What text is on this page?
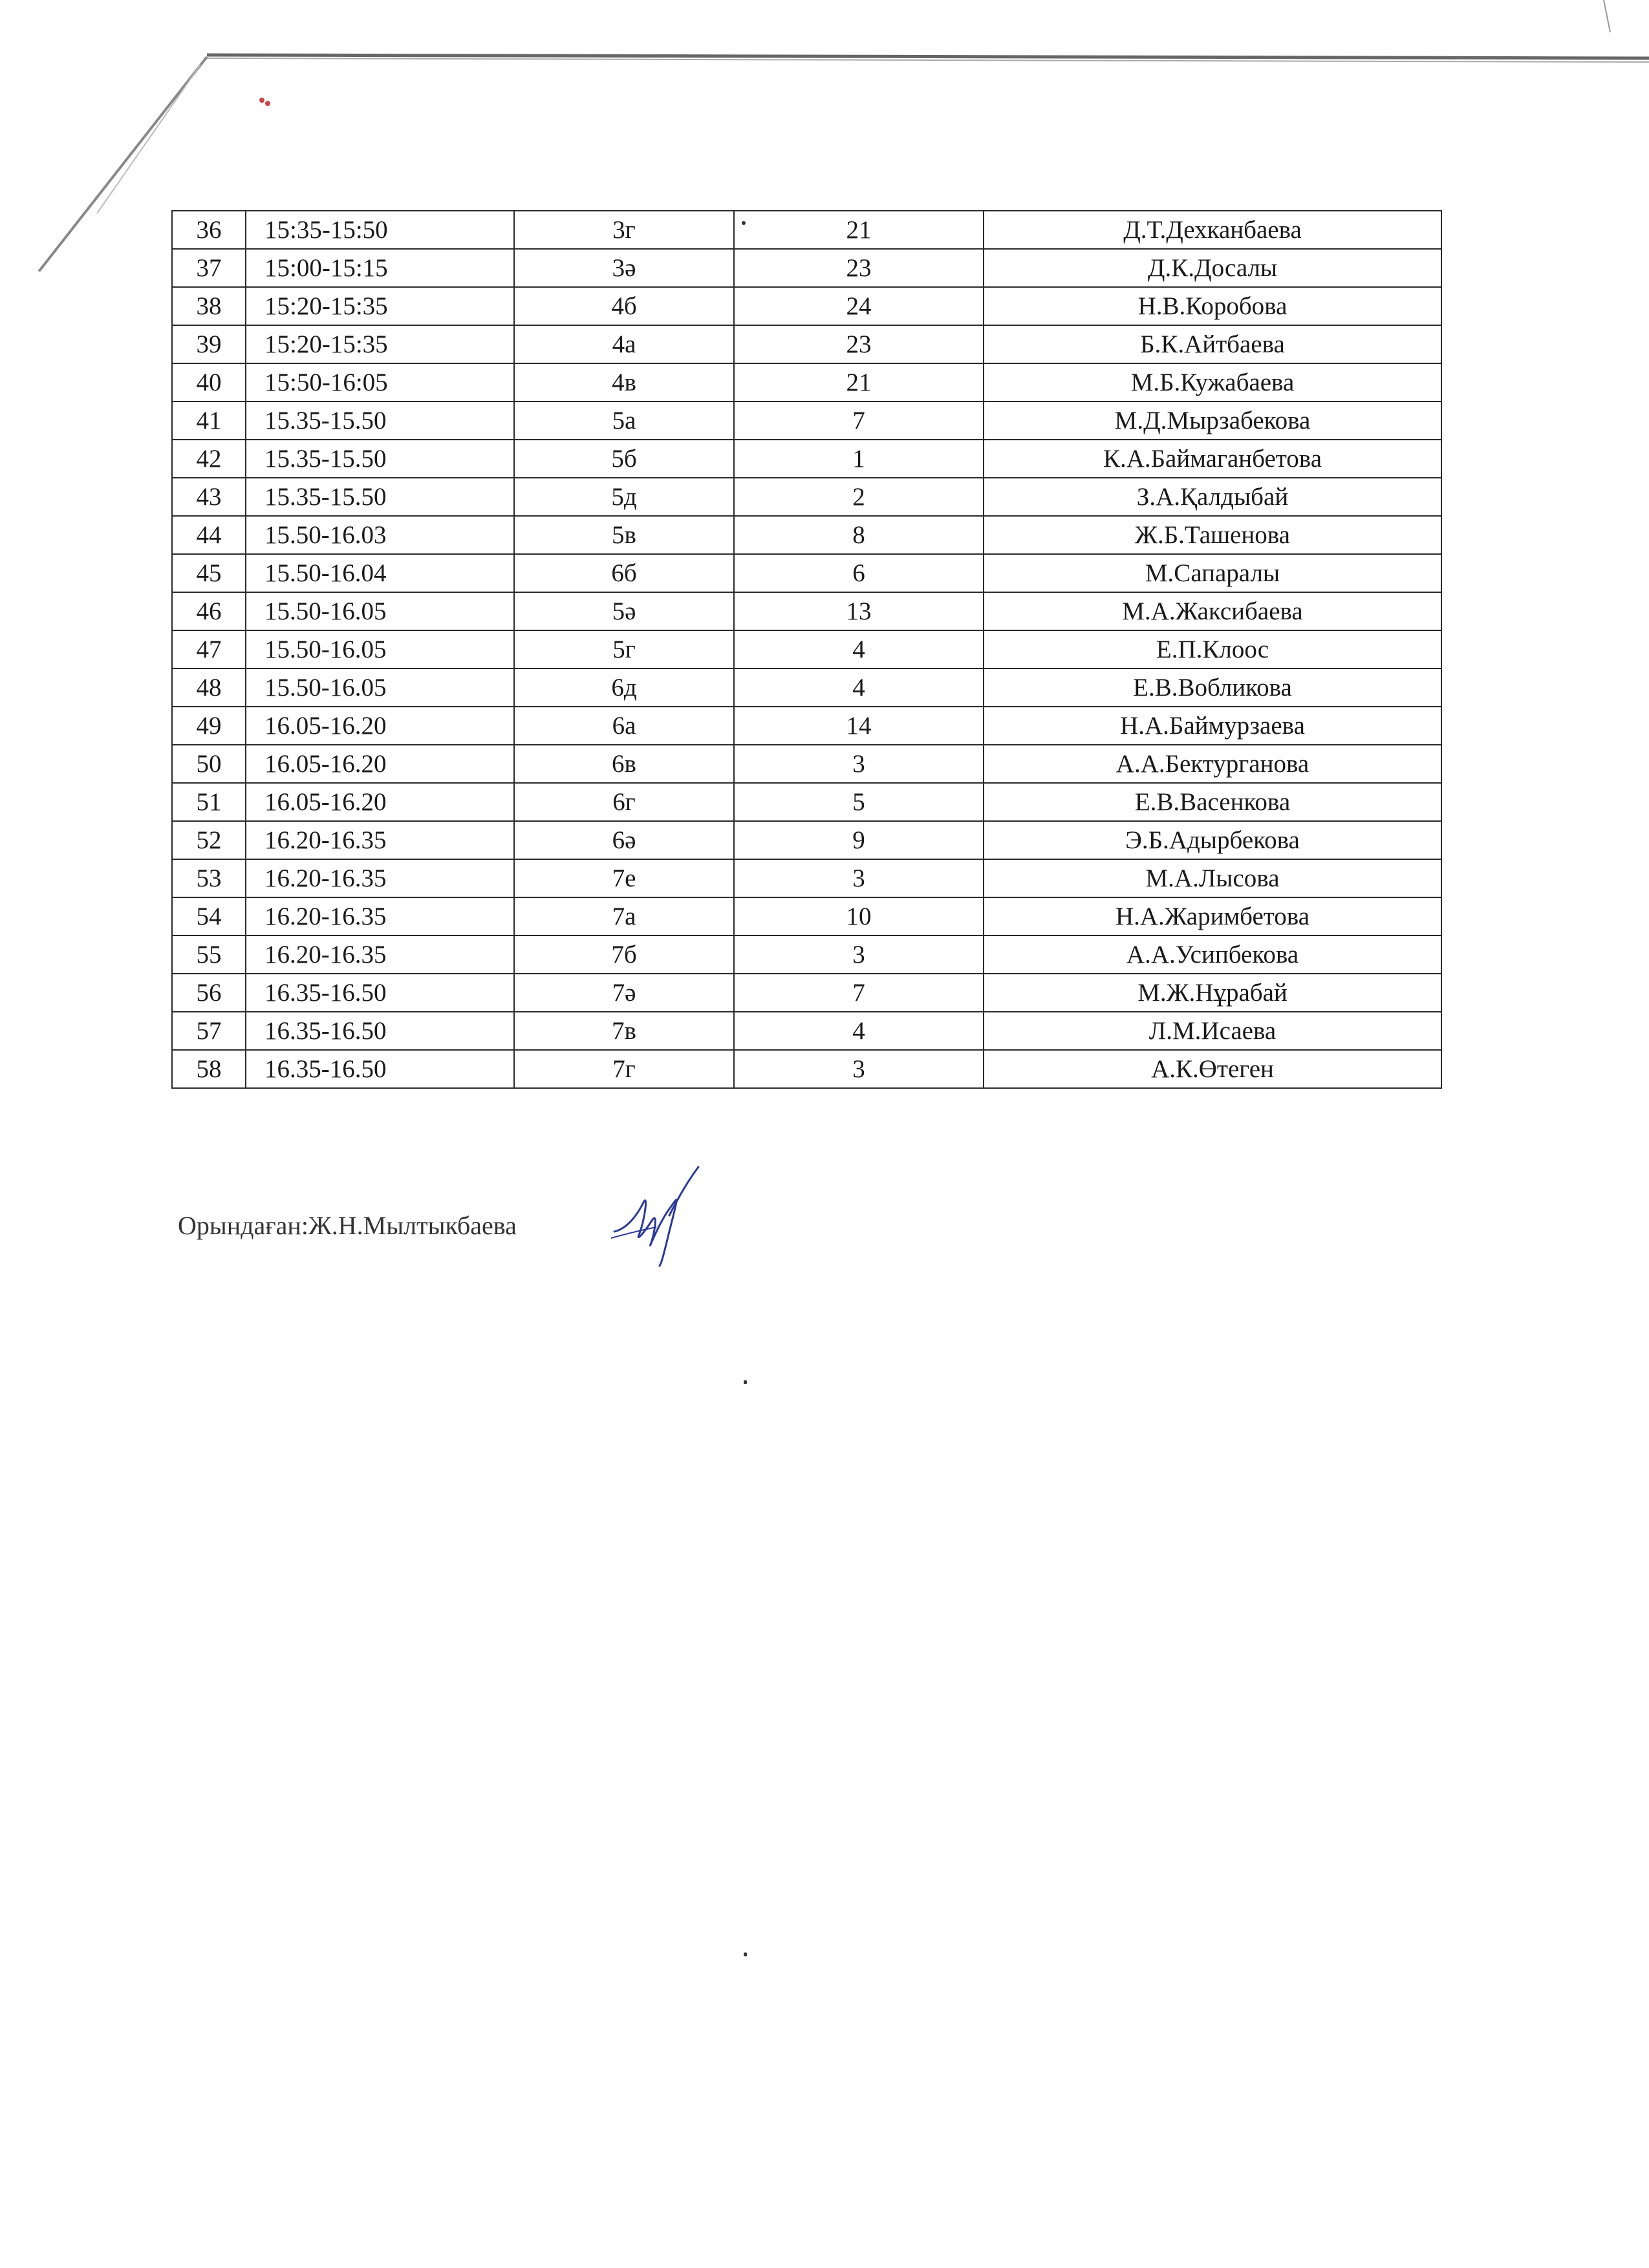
36	15:35-15:50	3г	21	Д.Т.Дехканбаева
37	15:00-15:15	3ә	23	Д.К.Досалы
38	15:20-15:35	4б	24	Н.В.Коробова
39	15:20-15:35	4а	23	Б.К.Айтбаева
40	15:50-16:05	4в	21	М.Б.Кужабаева
41	15.35-15.50	5а	7	М.Д.Мырзабекова
42	15.35-15.50	5б	1	К.А.Баймаганбетова
43	15.35-15.50	5д	2	З.А.Қалдыбай
44	15.50-16.03	5в	8	Ж.Б.Ташенова
45	15.50-16.04	6б	6	М.Сапаралы
46	15.50-16.05	5ә	13	М.А.Жаксибаева
47	15.50-16.05	5г	4	Е.П.Клоос
48	15.50-16.05	6д	4	Е.В.Вобликова
49	16.05-16.20	6а	14	Н.А.Баймурзаева
50	16.05-16.20	6в	3	А.А.Бектурганова
51	16.05-16.20	6г	5	Е.В.Васенкова
52	16.20-16.35	6ә	9	Э.Б.Адырбекова
53	16.20-16.35	7е	3	М.А.Лысова
54	16.20-16.35	7а	10	Н.А.Жаримбетова
55	16.20-16.35	7б	3	А.А.Усипбекова
56	16.35-16.50	7ә	7	М.Ж.Нұрабай
57	16.35-16.50	7в	4	Л.М.Исаева
58	16.35-16.50	7г	3	А.К.Өтеген
Орындаған:Ж.Н.Мылтыкбаева
